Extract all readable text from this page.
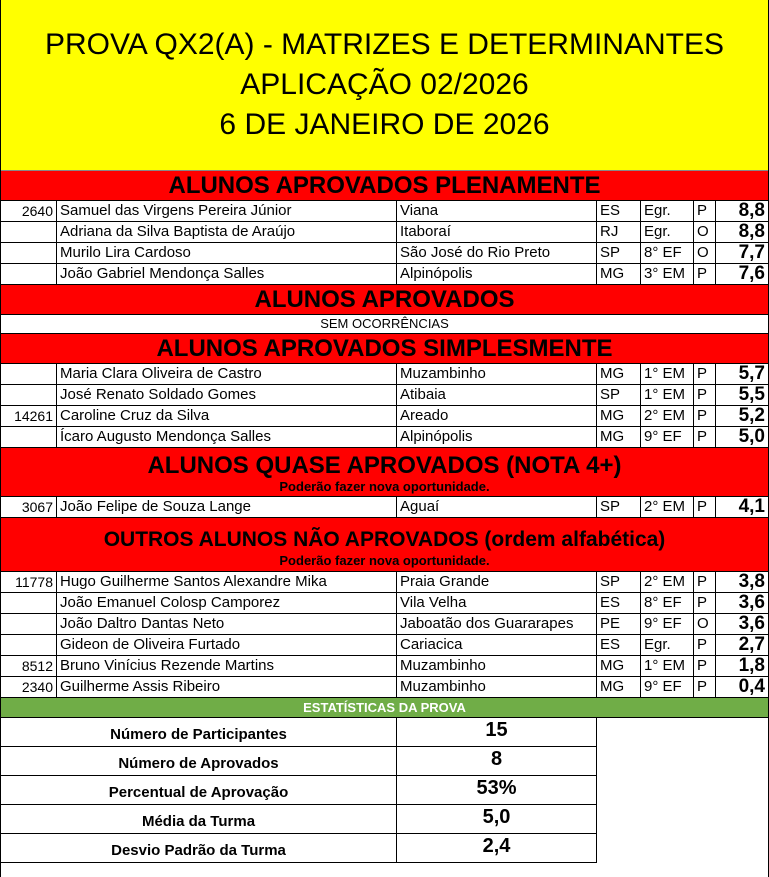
PROVA QX2(A) - MATRIZES E DETERMINANTES
APLICAÇÃO 02/2026
6 DE JANEIRO DE 2026
ALUNOS APROVADOS PLENAMENTE
2640 Samuel das Virgens Pereira Júnior	Viana	ES	Egr.	P	8,8
Adriana da Silva Baptista de Araújo	Itaboraí	RJ	Egr.	O	8,8
Murilo Lira Cardoso	São José do Rio Preto	SP	8° EF	O	7,7
João Gabriel Mendonça Salles	Alpinópolis	MG	3° EM P	7,6
ALUNOS APROVADOS
SEM OCORRÊNCIAS
ALUNOS APROVADOS SIMPLESMENTE
Maria Clara Oliveira de Castro	Muzambinho	MG	1° EM P	5,7
José Renato Soldado Gomes	Atibaia	SP	1° EM P	5,5
14261 Caroline Cruz da Silva	Areado	MG	2° EM P	5,2
Ícaro Augusto Mendonça Salles	Alpinópolis	MG	9° EF	P	5,0
ALUNOS QUASE APROVADOS (NOTA 4+)
Poderão fazer nova oportunidade.
3067 João Felipe de Souza Lange	Aguaí	SP	2° EM P	4,1
OUTROS ALUNOS NÃO APROVADOS (ordem alfabética)
Poderão fazer nova oportunidade.
11778 Hugo Guilherme Santos Alexandre Mika	Praia Grande	SP	2° EM P	3,8
João Emanuel Colosp Camporez	Vila Velha	ES	8° EF	P	3,6
João Daltro Dantas Neto	Jaboatão dos Guararapes	PE	9° EF	O	3,6
Gideon de Oliveira Furtado	Cariacica	ES	Egr.	P	2,7
8512 Bruno Vinícius Rezende Martins	Muzambinho	MG	1° EM P	1,8
2340 Guilherme Assis Ribeiro	Muzambinho	MG	9° EF	P	0,4
ESTATÍSTICAS DA PROVA
Número de Participantes	15
Número de Aprovados	8
Percentual de Aprovação	53%
Média da Turma	5,0
Desvio Padrão da Turma	2,4
